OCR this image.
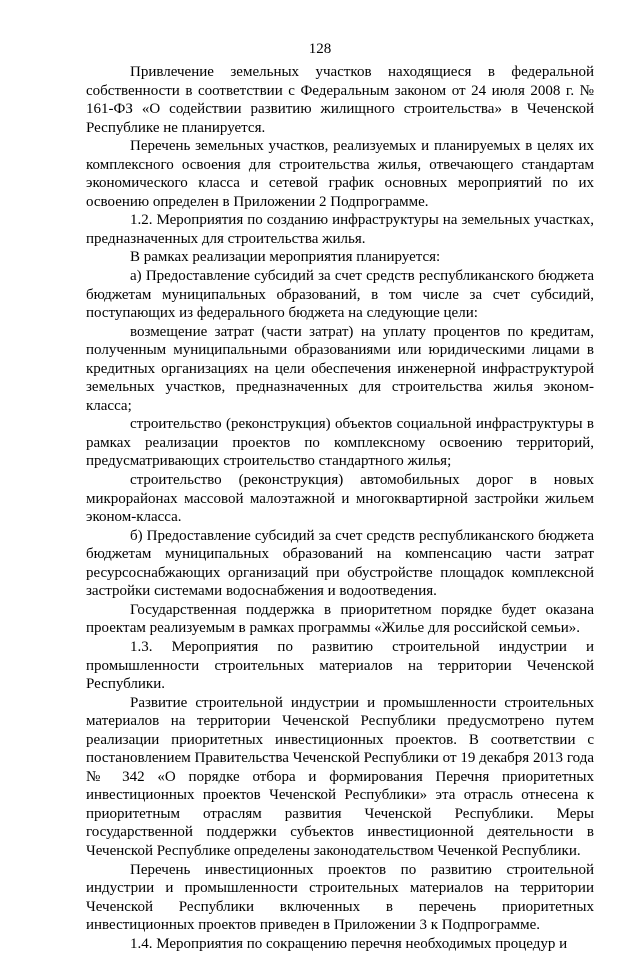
128

Привлечение земельных участков находящиеся в федеральной собственности в соответствии с Федеральным законом от 24 июля 2008 г. № 161-ФЗ «О содействии развитию жилищного строительства» в Чеченской Республике не планируется.

Перечень земельных участков, реализуемых и планируемых в целях их комплексного освоения для строительства жилья, отвечающего стандартам экономического класса и сетевой график основных мероприятий по их освоению определен в Приложении 2 Подпрограмме.

1.2. Мероприятия по созданию инфраструктуры на земельных участках, предназначенных для строительства жилья.

В рамках реализации мероприятия планируется:

а) Предоставление субсидий за счет средств республиканского бюджета бюджетам муниципальных образований, в том числе за счет субсидий, поступающих из федерального бюджета на следующие цели:

возмещение затрат (части затрат) на уплату процентов по кредитам, полученным муниципальными образованиями или юридическими лицами в кредитных организациях на цели обеспечения инженерной инфраструктурой земельных участков, предназначенных для строительства жилья эконом-класса;

строительство (реконструкция) объектов социальной инфраструктуры в рамках реализации проектов по комплексному освоению территорий, предусматривающих строительство стандартного жилья;

строительство (реконструкция) автомобильных дорог в новых микрорайонах массовой малоэтажной и многоквартирной застройки жильем эконом-класса.

б) Предоставление субсидий за счет средств республиканского бюджета бюджетам муниципальных образований на компенсацию части затрат ресурсоснабжающих организаций при обустройстве площадок комплексной застройки системами водоснабжения и водоотведения.

Государственная поддержка в приоритетном порядке будет оказана проектам реализуемым в рамках программы «Жилье для российской семьи».

1.3. Мероприятия по развитию строительной индустрии и промышленности строительных материалов на территории Чеченской Республики.

Развитие строительной индустрии и промышленности строительных материалов на территории Чеченской Республики предусмотрено путем реализации приоритетных инвестиционных проектов. В соответствии с постановлением Правительства Чеченской Республики от 19 декабря 2013 года № 342 «О порядке отбора и формирования Перечня приоритетных инвестиционных проектов Чеченской Республики» эта отрасль отнесена к приоритетным отраслям развития Чеченской Республики. Меры государственной поддержки субъектов инвестиционной деятельности в Чеченской Республике определены законодательством Чеченкой Республики.

Перечень инвестиционных проектов по развитию строительной индустрии и промышленности строительных материалов на территории Чеченской Республики включенных в перечень приоритетных инвестиционных проектов приведен в Приложении 3 к Подпрограмме.

1.4. Мероприятия по сокращению перечня необходимых процедур и
